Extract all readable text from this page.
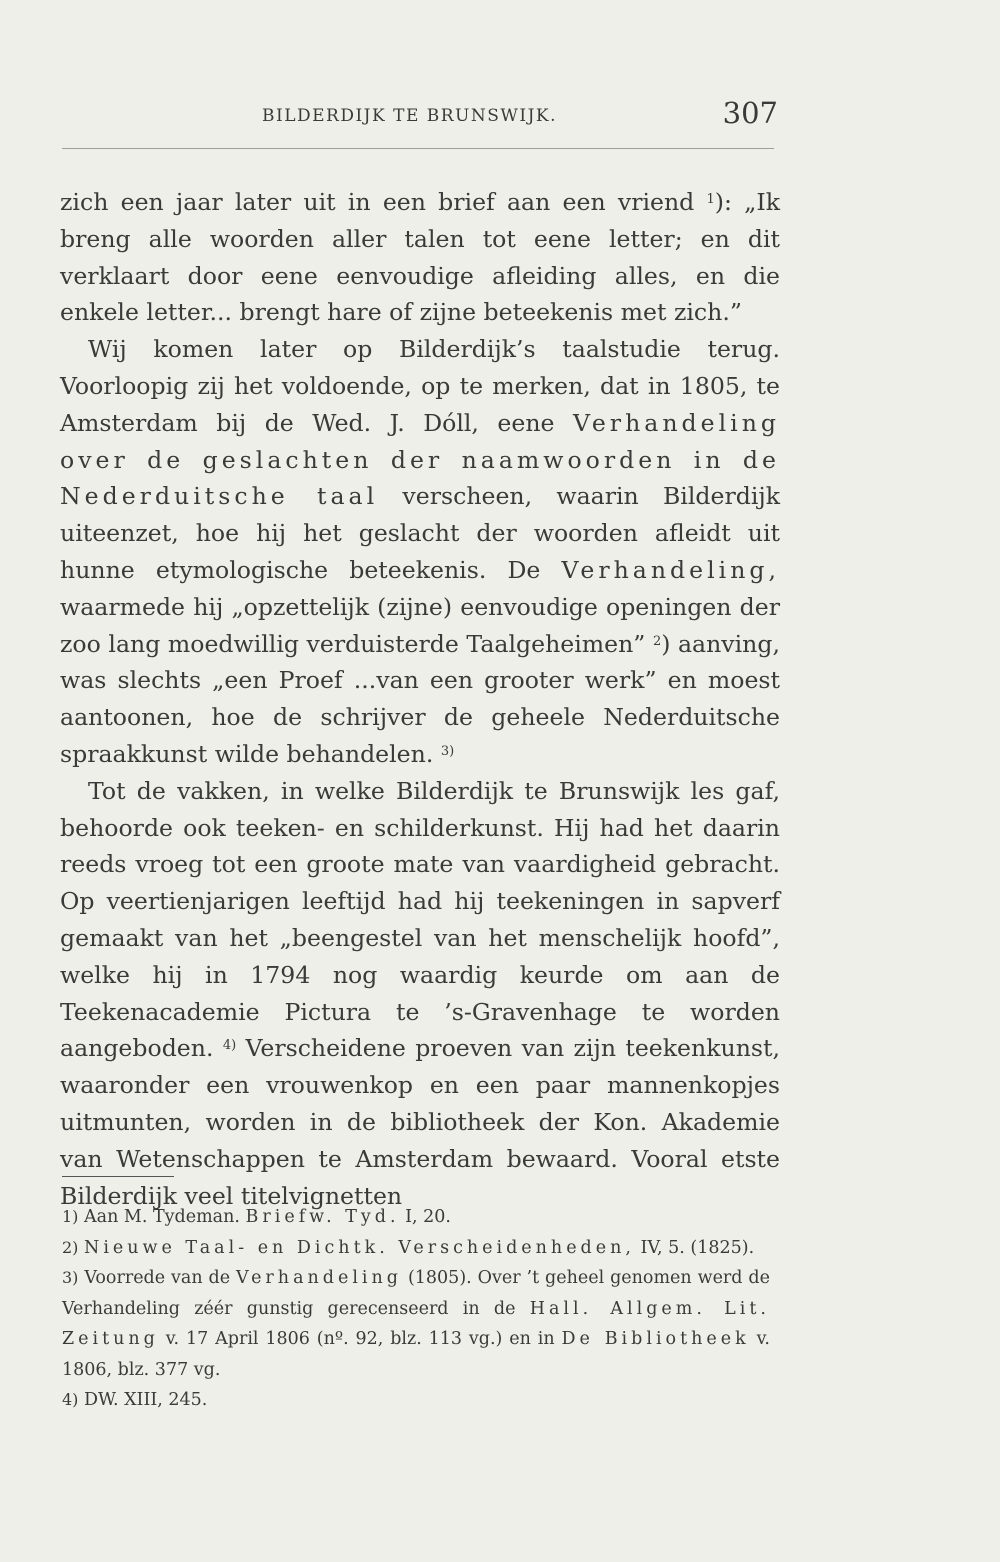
BILDERDIJK TE BRUNSWIJK.	307

zich een jaar later uit in een brief aan een vriend $^1$): „Ik breng alle woorden aller talen tot eene letter; en dit verklaart door eene eenvoudige afleiding alles, en die enkele letter... brengt hare of zijne beteekenis met zich.”

Wij komen later op Bilderdijk’s taalstudie terug. Voorloopig zij het voldoende, op te merken, dat in 1805, te Amsterdam bij de Wed. J. Dóll, eene Verhandeling over de geslachten der naamwoorden in de Nederduitsche taal verscheen, waarin Bilderdijk uiteenzet, hoe hij het geslacht der woorden afleidt uit hunne etymologische beteekenis. De Verhandeling, waarmede hij „opzettelijk (zijne) eenvoudige openingen der zoo lang moedwillig verduisterde Taalgeheimen” $^2$) aanving, was slechts „een Proef ...van een grooter werk” en moest aantoonen, hoe de schrijver de geheele Nederduitsche spraakkunst wilde behandelen. $^{3)}$

Tot de vakken, in welke Bilderdijk te Brunswijk les gaf, behoorde ook teeken- en schilderkunst. Hij had het daarin reeds vroeg tot een groote mate van vaardigheid gebracht. Op veertienjarigen leeftijd had hij teekeningen in sapverf gemaakt van het „beengestel van het menschelijk hoofd”, welke hij in 1794 nog waardig keurde om aan de Teekenacademie Pictura te ’s-Gravenhage te worden aangeboden. $^{4)}$ Verscheidene proeven van zijn teekenkunst, waaronder een vrouwenkop en een paar mannenkopjes uitmunten, worden in de bibliotheek der Kon. Akademie van Wetenschappen te Amsterdam bewaard. Vooral etste Bilderdijk veel titelvignetten

1) Aan M. Tydeman. Briefw. Tyd. I, 20.

2) Nieuwe Taal- en Dichtk. Verscheidenheden, IV, 5. (1825).

3) Voorrede van de Verhandeling (1805). Over ’t geheel genomen werd de Verhandeling zéér gunstig gerecenseerd in de Hall. Allgem. Lit. Zeitung v. 17 April 1806 (nº. 92, blz. 113 vg.) en in De Bibliotheek v. 1806, blz. 377 vg.

4) DW. XIII, 245.
